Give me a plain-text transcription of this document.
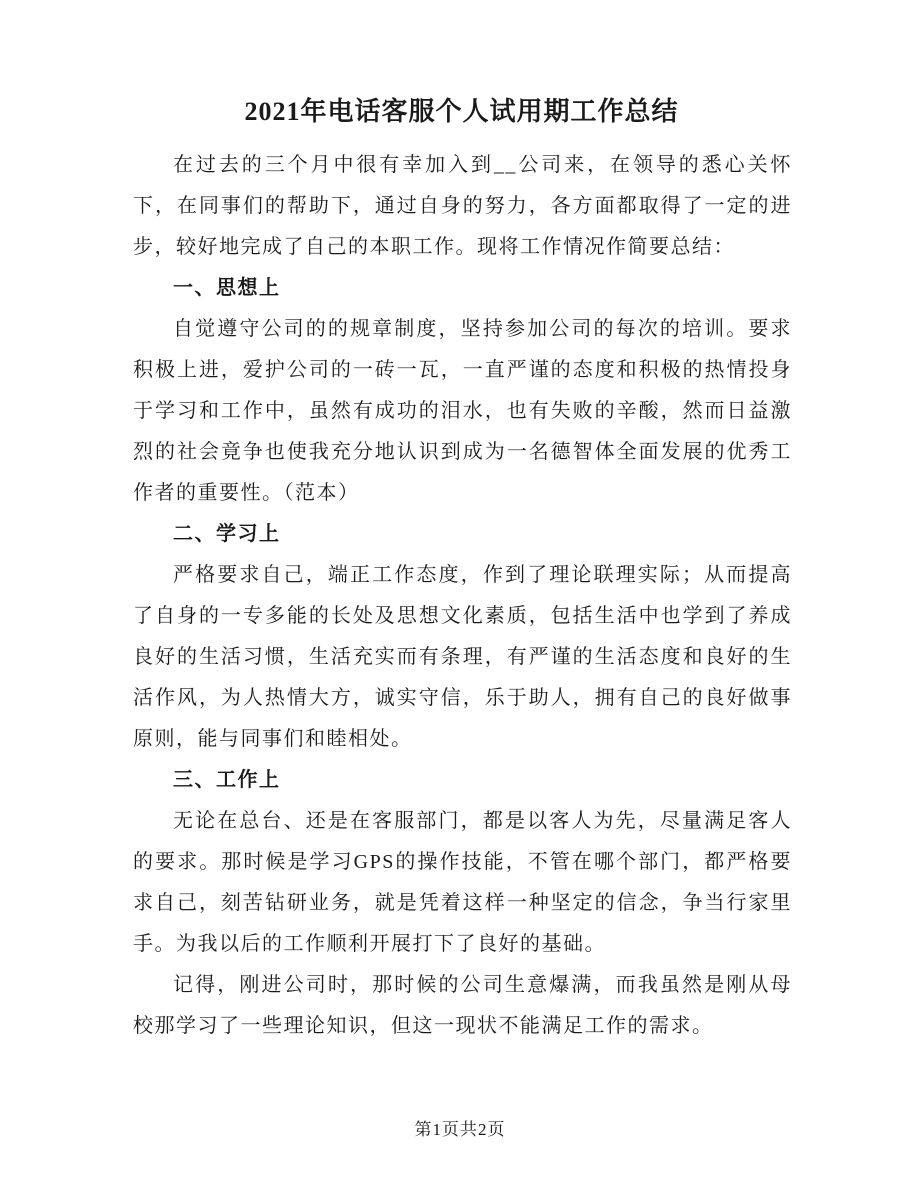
2021年电话客服个人试用期工作总结

在过去的三个月中很有幸加入到__公司来，在领导的悉心关怀下，在同事们的帮助下，通过自身的努力，各方面都取得了一定的进步，较好地完成了自己的本职工作。现将工作情况作简要总结：

一、思想上

自觉遵守公司的的规章制度，坚持参加公司的每次的培训。要求积极上进，爱护公司的一砖一瓦，一直严谨的态度和积极的热情投身于学习和工作中，虽然有成功的泪水，也有失败的辛酸，然而日益激烈的社会竟争也使我充分地认识到成为一名德智体全面发展的优秀工作者的重要性。（范本）

二、学习上

严格要求自己，端正工作态度，作到了理论联理实际；从而提高了自身的一专多能的长处及思想文化素质，包括生活中也学到了养成良好的生活习惯，生活充实而有条理，有严谨的生活态度和良好的生活作风，为人热情大方，诚实守信，乐于助人，拥有自己的良好做事原则，能与同事们和睦相处。

三、工作上

无论在总台、还是在客服部门，都是以客人为先，尽量满足客人的要求。那时候是学习GPS的操作技能，不管在哪个部门，都严格要求自己，刻苦钻研业务，就是凭着这样一种坚定的信念，争当行家里手。为我以后的工作顺利开展打下了良好的基础。

记得，刚进公司时，那时候的公司生意爆满，而我虽然是刚从母校那学习了一些理论知识，但这一现状不能满足工作的需求。

第1页共2页
